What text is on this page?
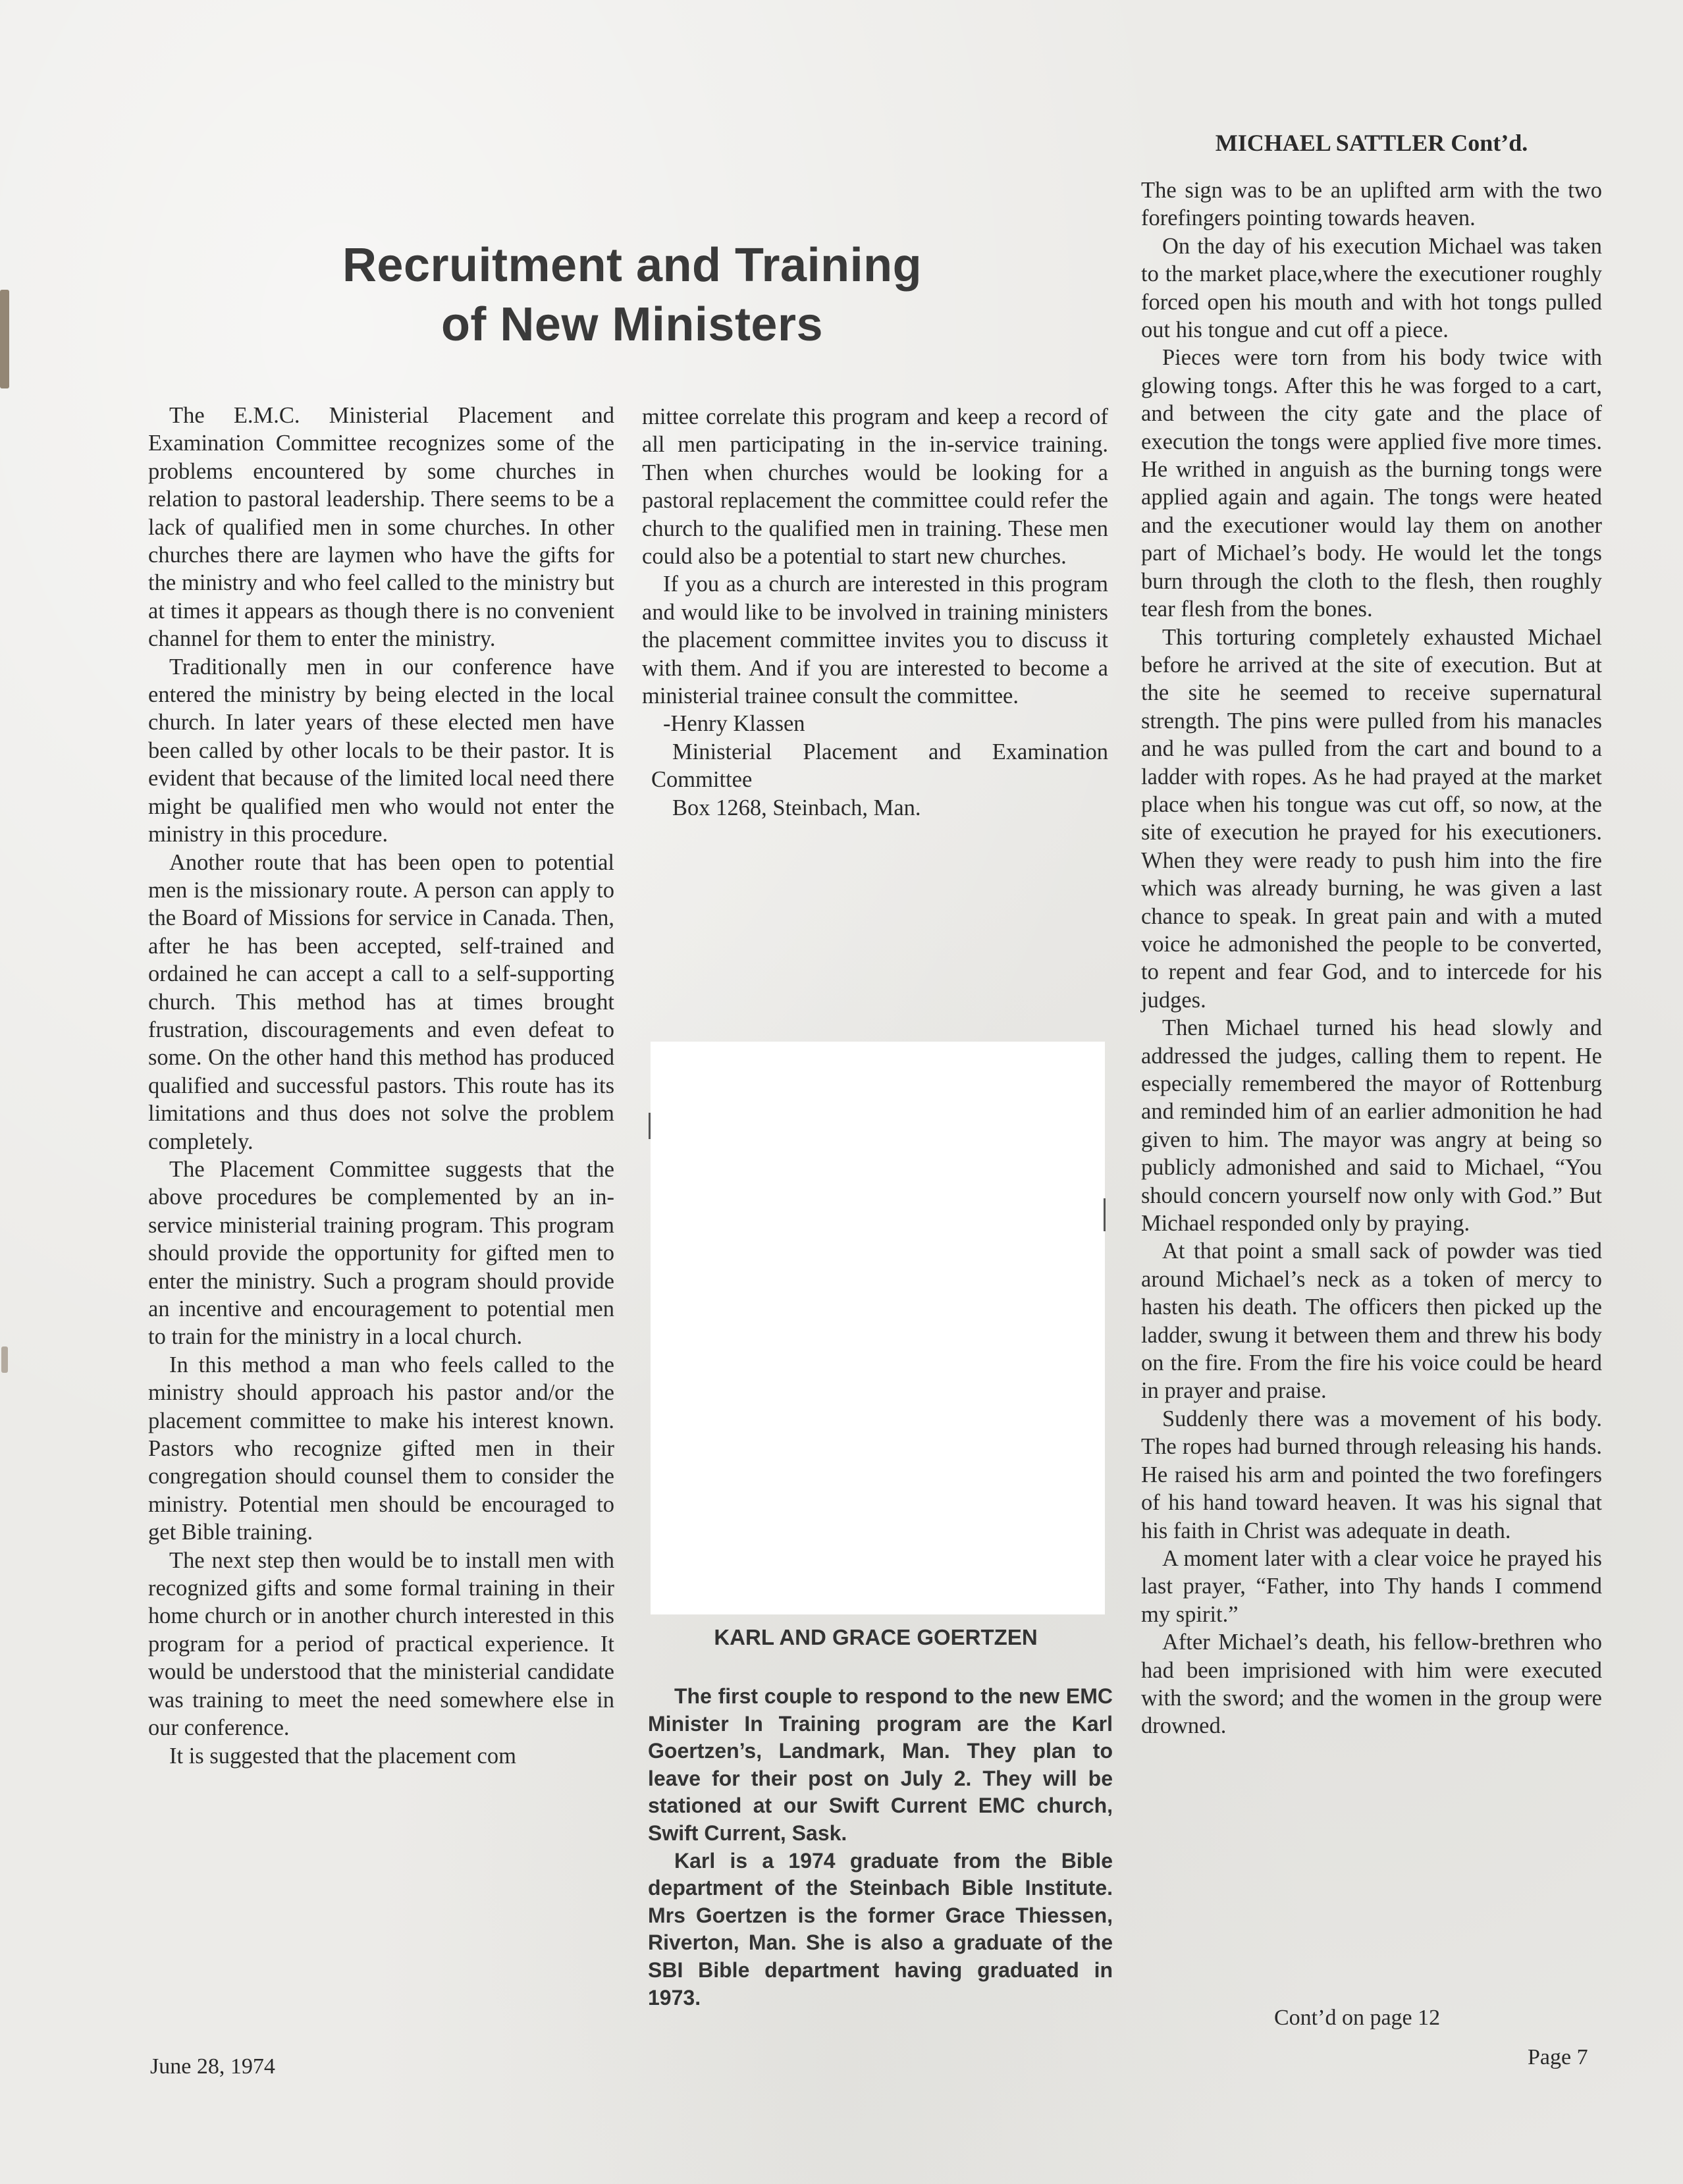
MICHAEL SATTLER Cont’d.
Recruitment and Training
of New Ministers

The E.M.C. Ministerial Placement and Examination Committee recognizes some of the problems encountered by some churches in relation to pastoral leadership. There seems to be a lack of qualified men in some churches. In other churches there are laymen who have the gifts for the ministry and who feel called to the ministry but at times it appears as though there is no convenient channel for them to enter the ministry.

Traditionally men in our conference have entered the ministry by being elected in the local church. In later years of these elected men have been called by other locals to be their pastor. It is evident that because of the limited local need there might be qualified men who would not enter the ministry in this procedure.

Another route that has been open to potential men is the missionary route. A person can apply to the Board of Missions for service in Canada. Then, after he has been accepted, self-trained and ordained he can accept a call to a self-supporting church. This method has at times brought frustration, discouragements and even defeat to some. On the other hand this method has produced qualified and successful pastors. This route has its limitations and thus does not solve the problem completely.

The Placement Committee suggests that the above procedures be complemented by an in-service ministerial training program. This program should provide the opportunity for gifted men to enter the ministry. Such a program should provide an incentive and encouragement to potential men to train for the ministry in a local church.

In this method a man who feels called to the ministry should approach his pastor and/or the placement committee to make his interest known. Pastors who recognize gifted men in their congregation should counsel them to consider the ministry. Potential men should be encouraged to get Bible training.

The next step then would be to install men with recognized gifts and some formal training in their home church or in another church interested in this program for a period of practical experience. It would be understood that the ministerial candidate was training to meet the need somewhere else in our conference.

It is suggested that the placement com

mittee correlate this program and keep a record of all men participating in the in-service training. Then when churches would be looking for a pastoral replacement the committee could refer the church to the qualified men in training. These men could also be a potential to start new churches.

If you as a church are interested in this program and would like to be involved in training ministers the placement committee invites you to discuss it with them. And if you are interested to become a ministerial trainee consult the committee.

-Henry Klassen

Ministerial Placement and Examination Committee

Box 1268, Steinbach, Man.

KARL AND GRACE GOERTZEN

The first couple to respond to the new EMC Minister In Training program are the Karl Goertzen’s, Landmark, Man. They plan to leave for their post on July 2. They will be stationed at our Swift Current EMC church, Swift Current, Sask.

Karl is a 1974 graduate from the Bible department of the Steinbach Bible Institute. Mrs Goertzen is the former Grace Thiessen, Riverton, Man. She is also a graduate of the SBI Bible department having graduated in 1973.

The sign was to be an uplifted arm with the two forefingers pointing towards heaven.

On the day of his execution Michael was taken to the market place,where the executioner roughly forced open his mouth and with hot tongs pulled out his tongue and cut off a piece.

Pieces were torn from his body twice with glowing tongs. After this he was forged to a cart, and between the city gate and the place of execution the tongs were applied five more times. He writhed in anguish as the burning tongs were applied again and again. The tongs were heated and the executioner would lay them on another part of Michael’s body. He would let the tongs burn through the cloth to the flesh, then roughly tear flesh from the bones.

This torturing completely exhausted Michael before he arrived at the site of execution. But at the site he seemed to receive supernatural strength. The pins were pulled from his manacles and he was pulled from the cart and bound to a ladder with ropes. As he had prayed at the market place when his tongue was cut off, so now, at the site of execution he prayed for his executioners. When they were ready to push him into the fire which was already burning, he was given a last chance to speak. In great pain and with a muted voice he admonished the people to be converted, to repent and fear God, and to intercede for his judges.

Then Michael turned his head slowly and addressed the judges, calling them to repent. He especially remembered the mayor of Rottenburg and reminded him of an earlier admonition he had given to him. The mayor was angry at being so publicly admonished and said to Michael, “You should concern yourself now only with God.” But Michael responded only by praying.

At that point a small sack of powder was tied around Michael’s neck as a token of mercy to hasten his death. The officers then picked up the ladder, swung it between them and threw his body on the fire. From the fire his voice could be heard in prayer and praise.

Suddenly there was a movement of his body. The ropes had burned through releasing his hands. He raised his arm and pointed the two forefingers of his hand toward heaven. It was his signal that his faith in Christ was adequate in death.

A moment later with a clear voice he prayed his last prayer, “Father, into Thy hands I commend my spirit.”

After Michael’s death, his fellow-brethren who had been imprisioned with him were executed with the sword; and the women in the group were drowned.

Cont’d on page 12
June 28, 1974	Page 7
